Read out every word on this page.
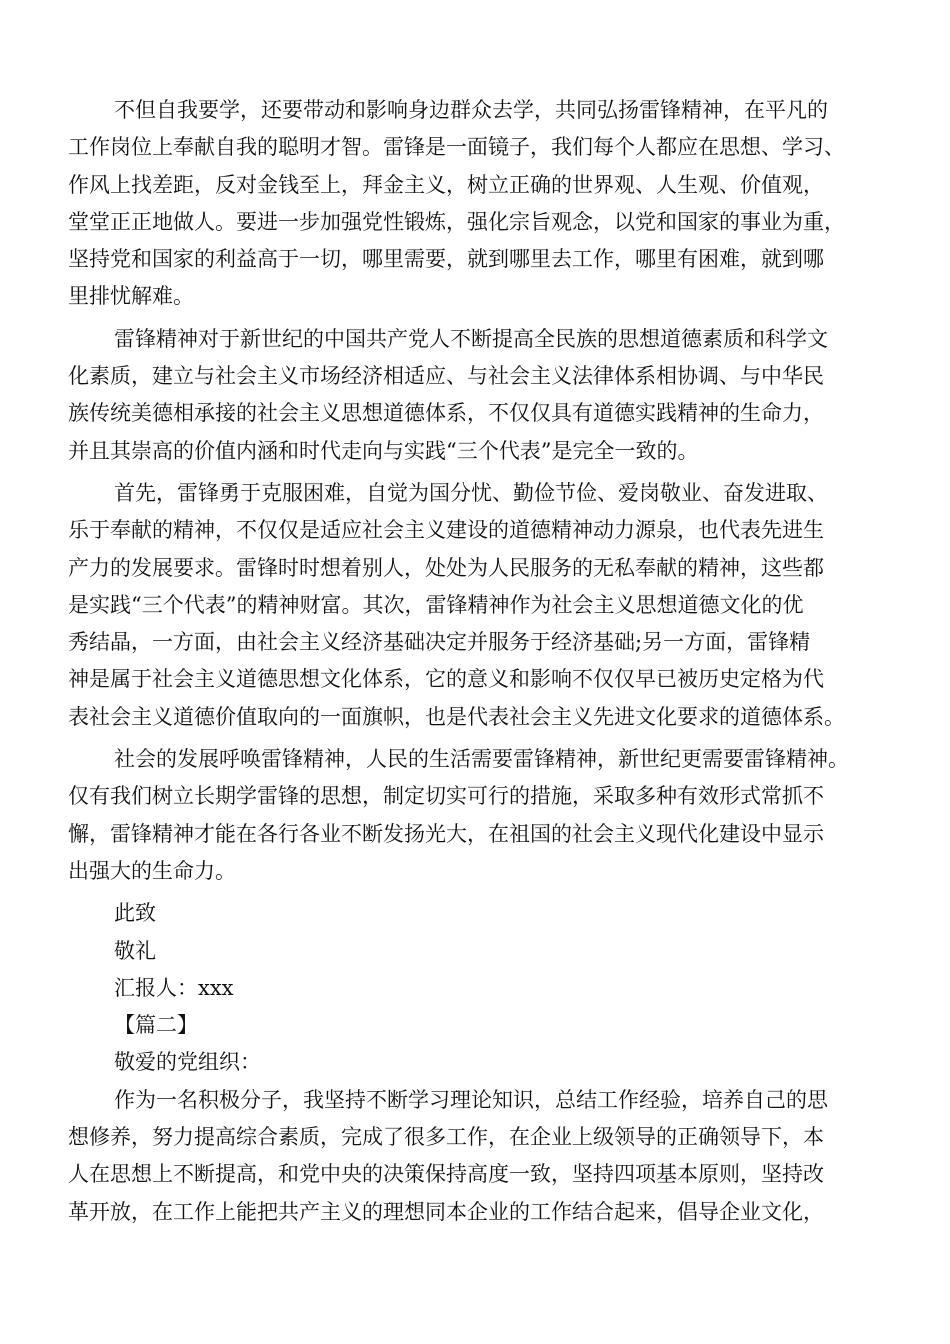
不但自我要学，还要带动和影响身边群众去学，共同弘扬雷锋精神，在平凡的
工作岗位上奉献自我的聪明才智。雷锋是一面镜子，我们每个人都应在思想、学习、
作风上找差距，反对金钱至上，拜金主义，树立正确的世界观、人生观、价值观，
堂堂正正地做人。要进一步加强党性锻炼，强化宗旨观念，以党和国家的事业为重，
坚持党和国家的利益高于一切，哪里需要，就到哪里去工作，哪里有困难，就到哪
里排忧解难。
雷锋精神对于新世纪的中国共产党人不断提高全民族的思想道德素质和科学文
化素质，建立与社会主义市场经济相适应、与社会主义法律体系相协调、与中华民
族传统美德相承接的社会主义思想道德体系，不仅仅具有道德实践精神的生命力，
并且其崇高的价值内涵和时代走向与实践“三个代表”是完全一致的。
首先，雷锋勇于克服困难，自觉为国分忧、勤俭节俭、爱岗敬业、奋发进取、
乐于奉献的精神，不仅仅是适应社会主义建设的道德精神动力源泉，也代表先进生
产力的发展要求。雷锋时时想着别人，处处为人民服务的无私奉献的精神，这些都
是实践“三个代表”的精神财富。其次，雷锋精神作为社会主义思想道德文化的优
秀结晶，一方面，由社会主义经济基础决定并服务于经济基础;另一方面，雷锋精
神是属于社会主义道德思想文化体系，它的意义和影响不仅仅早已被历史定格为代
表社会主义道德价值取向的一面旗帜，也是代表社会主义先进文化要求的道德体系。
社会的发展呼唤雷锋精神，人民的生活需要雷锋精神，新世纪更需要雷锋精神。
仅有我们树立长期学雷锋的思想，制定切实可行的措施，采取多种有效形式常抓不
懈，雷锋精神才能在各行各业不断发扬光大，在祖国的社会主义现代化建设中显示
出强大的生命力。
此致
敬礼
汇报人：xxx
【篇二】
敬爱的党组织：
作为一名积极分子，我坚持不断学习理论知识，总结工作经验，培养自己的思
想修养，努力提高综合素质，完成了很多工作，在企业上级领导的正确领导下，本
人在思想上不断提高，和党中央的决策保持高度一致，坚持四项基本原则，坚持改
革开放，在工作上能把共产主义的理想同本企业的工作结合起来，倡导企业文化，
